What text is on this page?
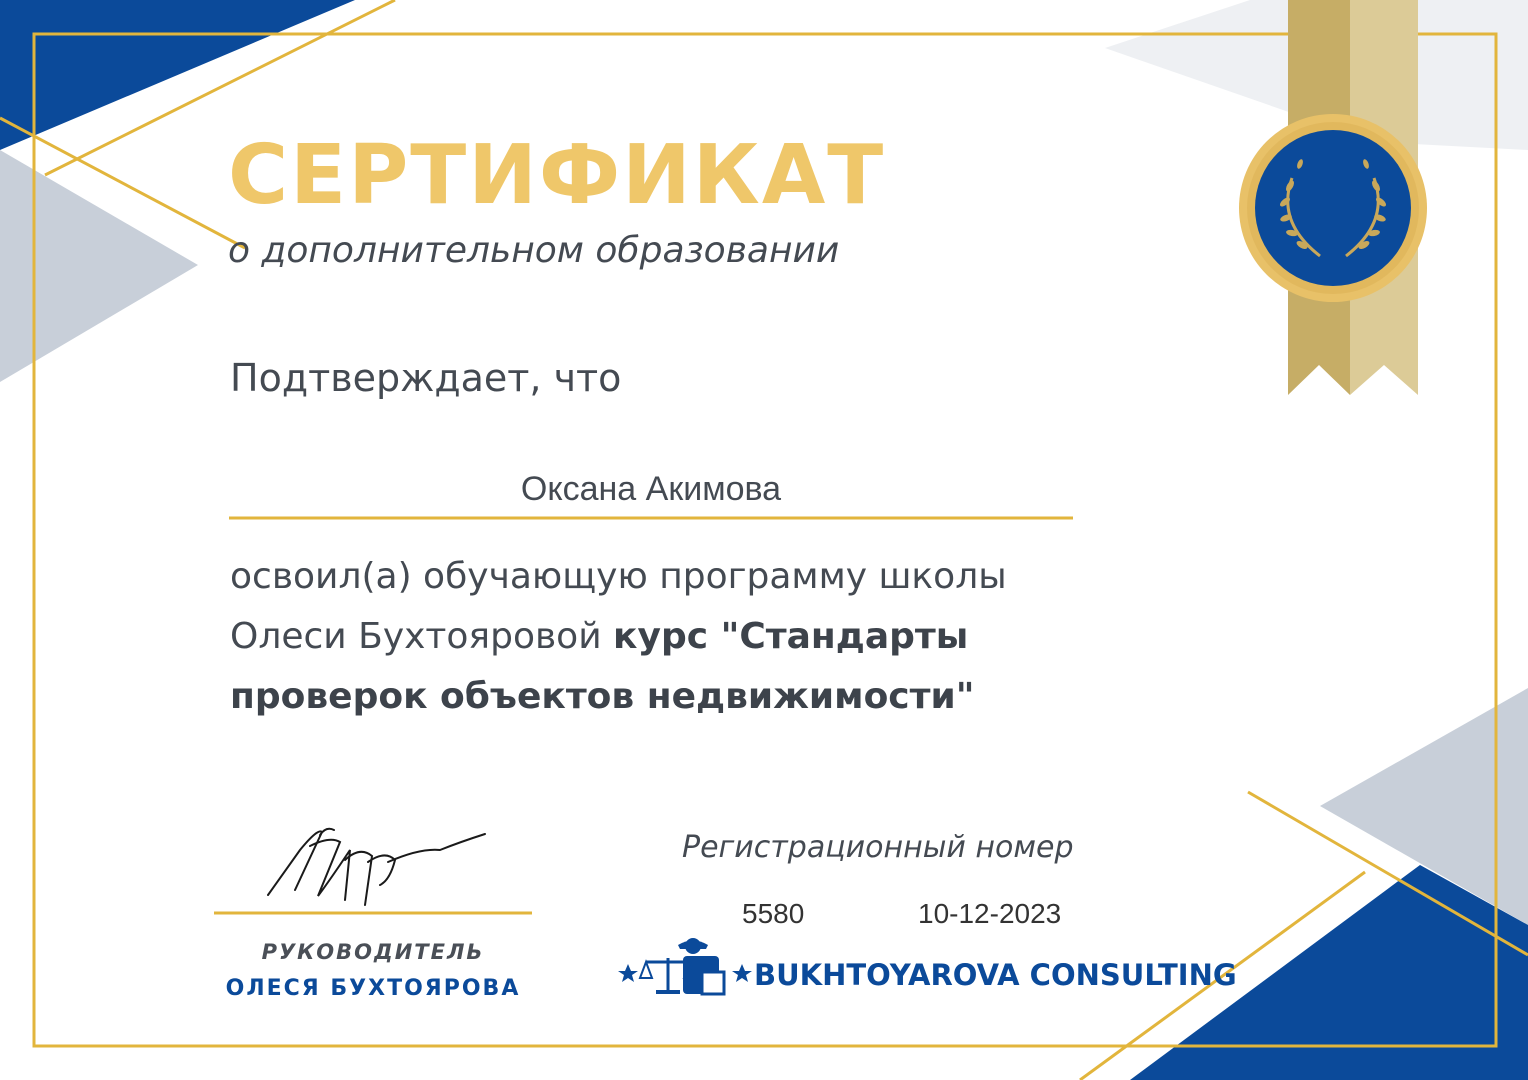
СЕРТИФИКАТ
о дополнительном образовании
Подтверждает, что
Оксана Акимова
освоил(а) обучающую программу школы
Олеси Бухтояровой курс "Стандарты
проверок объектов недвижимости"
Регистрационный номер
5580	10-12-2023
РУКОВОДИТЕЛЬ
ОЛЕСЯ БУХТОЯРОВА	BUKHTOYAROVA CONSULTING
